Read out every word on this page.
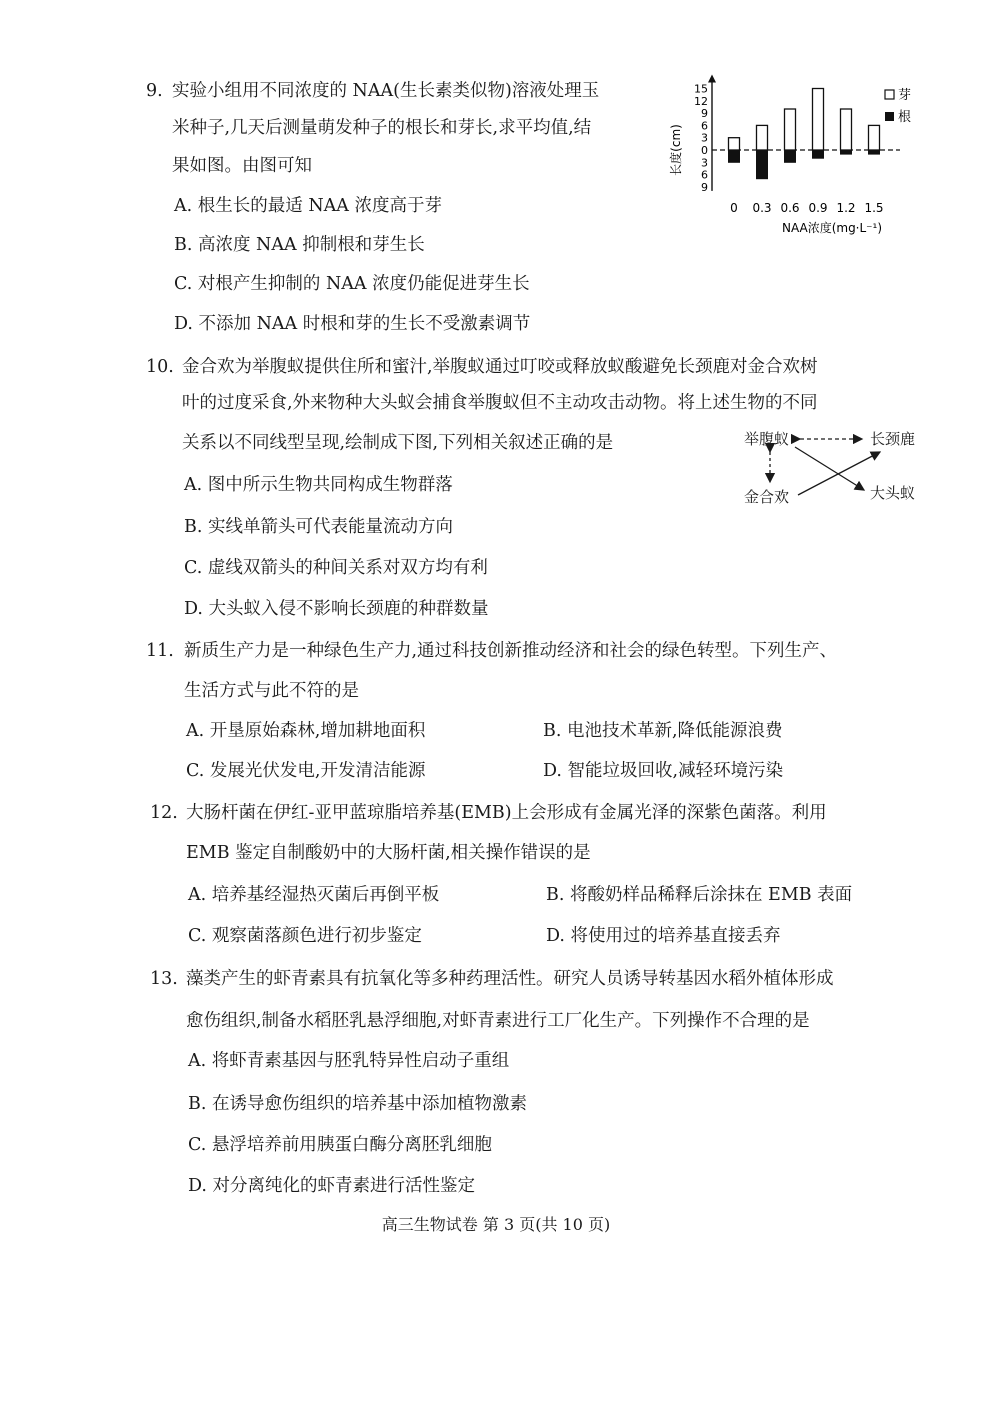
9. 实验小组用不同浓度的 NAA(生长素类似物)溶液处理玉
米种子,几天后测量萌发种子的根长和芽长,求平均值,结
果如图。由图可知
A. 根生长的最适 NAA 浓度高于芽
B. 高浓度 NAA 抑制根和芽生长
C. 对根产生抑制的 NAA 浓度仍能促进芽生长
D. 不添加 NAA 时根和芽的生长不受激素调节
15
12
9
6
3
0
3
6
9
长度(cm)
0 0.3 0.6 0.9 1.2 1.5
NAA浓度(mg·L⁻¹)
芽
根
10. 金合欢为举腹蚁提供住所和蜜汁,举腹蚁通过叮咬或释放蚁酸避免长颈鹿对金合欢树
叶的过度采食,外来物种大头蚁会捕食举腹蚁但不主动攻击动物。将上述生物的不同
关系以不同线型呈现,绘制成下图,下列相关叙述正确的是
A. 图中所示生物共同构成生物群落
B. 实线单箭头可代表能量流动方向
C. 虚线双箭头的种间关系对双方均有利
D. 大头蚁入侵不影响长颈鹿的种群数量
举腹蚁	长颈鹿
金合欢	大头蚁
11. 新质生产力是一种绿色生产力,通过科技创新推动经济和社会的绿色转型。下列生产、
生活方式与此不符的是
A. 开垦原始森林,增加耕地面积	B. 电池技术革新,降低能源浪费
C. 发展光伏发电,开发清洁能源	D. 智能垃圾回收,减轻环境污染
12. 大肠杆菌在伊红-亚甲蓝琼脂培养基(EMB)上会形成有金属光泽的深紫色菌落。利用
EMB 鉴定自制酸奶中的大肠杆菌,相关操作错误的是
A. 培养基经湿热灭菌后再倒平板	B. 将酸奶样品稀释后涂抹在 EMB 表面
C. 观察菌落颜色进行初步鉴定	D. 将使用过的培养基直接丢弃
13. 藻类产生的虾青素具有抗氧化等多种药理活性。研究人员诱导转基因水稻外植体形成
愈伤组织,制备水稻胚乳悬浮细胞,对虾青素进行工厂化生产。下列操作不合理的是
A. 将虾青素基因与胚乳特异性启动子重组
B. 在诱导愈伤组织的培养基中添加植物激素
C. 悬浮培养前用胰蛋白酶分离胚乳细胞
D. 对分离纯化的虾青素进行活性鉴定
高三生物试卷 第 3 页(共 10 页)
